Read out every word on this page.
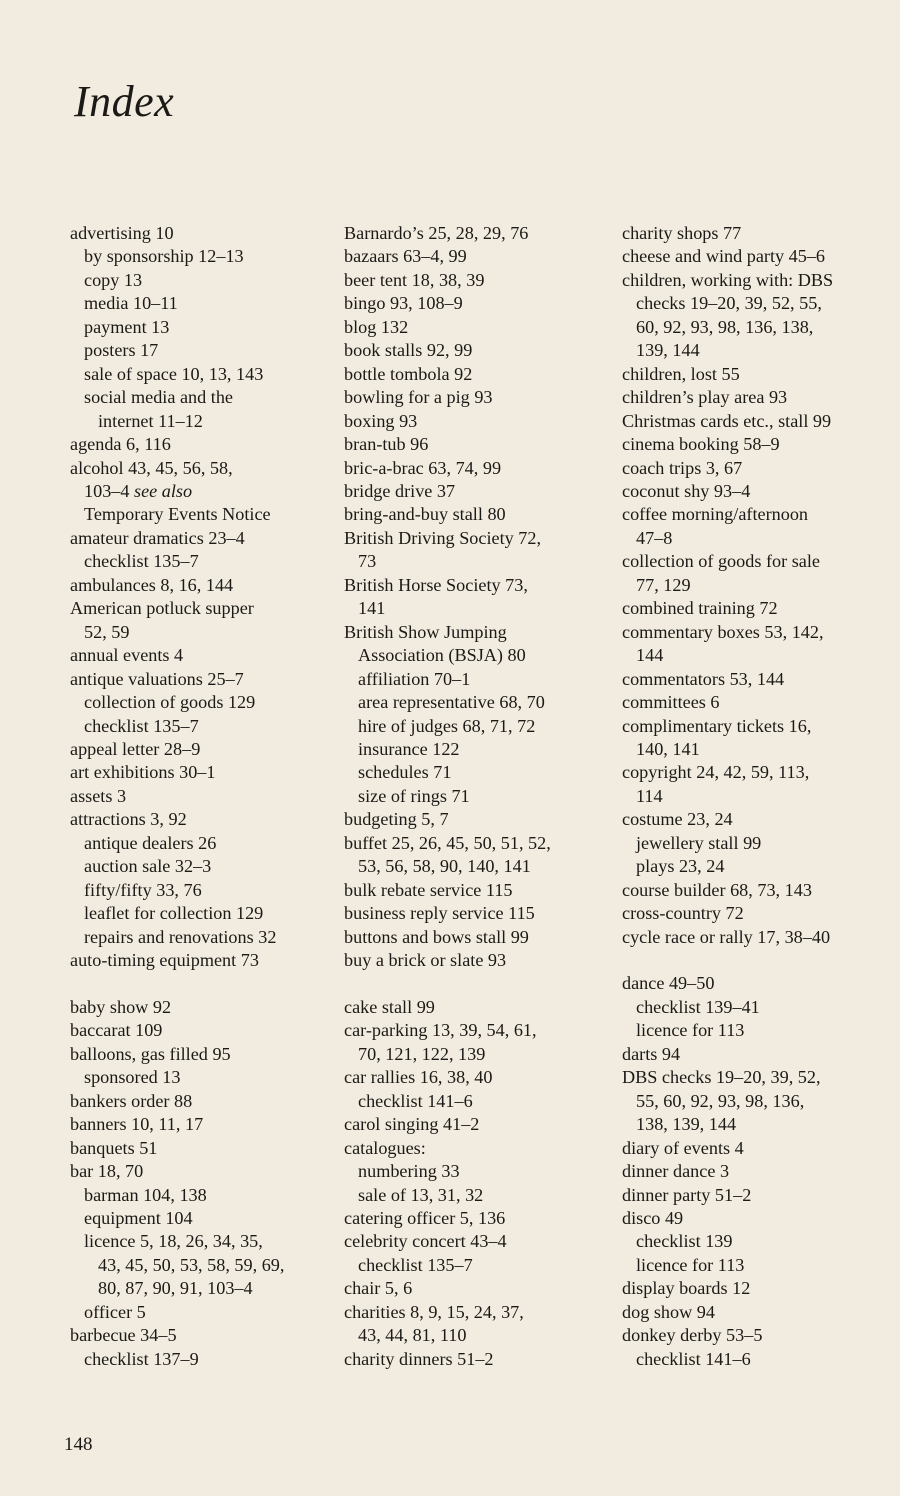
Index
advertising 10
by sponsorship 12–13
copy 13
media 10–11
payment 13
posters 17
sale of space 10, 13, 143
social media and the
internet 11–12
agenda 6, 116
alcohol 43, 45, 56, 58,
103–4 see also
Temporary Events Notice
amateur dramatics 23–4
checklist 135–7
ambulances 8, 16, 144
American potluck supper
52, 59
annual events 4
antique valuations 25–7
collection of goods 129
checklist 135–7
appeal letter 28–9
art exhibitions 30–1
assets 3
attractions 3, 92
antique dealers 26
auction sale 32–3
fifty/fifty 33, 76
leaflet for collection 129
repairs and renovations 32
auto-timing equipment 73
baby show 92
baccarat 109
balloons, gas filled 95
sponsored 13
bankers order 88
banners 10, 11, 17
banquets 51
bar 18, 70
barman 104, 138
equipment 104
licence 5, 18, 26, 34, 35,
43, 45, 50, 53, 58, 59, 69,
80, 87, 90, 91, 103–4
officer 5
barbecue 34–5
checklist 137–9
Barnardo’s 25, 28, 29, 76
bazaars 63–4, 99
beer tent 18, 38, 39
bingo 93, 108–9
blog 132
book stalls 92, 99
bottle tombola 92
bowling for a pig 93
boxing 93
bran-tub 96
bric-a-brac 63, 74, 99
bridge drive 37
bring-and-buy stall 80
British Driving Society 72,
73
British Horse Society 73,
141
British Show Jumping
Association (BSJA) 80
affiliation 70–1
area representative 68, 70
hire of judges 68, 71, 72
insurance 122
schedules 71
size of rings 71
budgeting 5, 7
buffet 25, 26, 45, 50, 51, 52,
53, 56, 58, 90, 140, 141
bulk rebate service 115
business reply service 115
buttons and bows stall 99
buy a brick or slate 93
cake stall 99
car-parking 13, 39, 54, 61,
70, 121, 122, 139
car rallies 16, 38, 40
checklist 141–6
carol singing 41–2
catalogues:
numbering 33
sale of 13, 31, 32
catering officer 5, 136
celebrity concert 43–4
checklist 135–7
chair 5, 6
charities 8, 9, 15, 24, 37,
43, 44, 81, 110
charity dinners 51–2
charity shops 77
cheese and wind party 45–6
children, working with: DBS
checks 19–20, 39, 52, 55,
60, 92, 93, 98, 136, 138,
139, 144
children, lost 55
children’s play area 93
Christmas cards etc., stall 99
cinema booking 58–9
coach trips 3, 67
coconut shy 93–4
coffee morning/afternoon
47–8
collection of goods for sale
77, 129
combined training 72
commentary boxes 53, 142,
144
commentators 53, 144
committees 6
complimentary tickets 16,
140, 141
copyright 24, 42, 59, 113,
114
costume 23, 24
jewellery stall 99
plays 23, 24
course builder 68, 73, 143
cross-country 72
cycle race or rally 17, 38–40
dance 49–50
checklist 139–41
licence for 113
darts 94
DBS checks 19–20, 39, 52,
55, 60, 92, 93, 98, 136,
138, 139, 144
diary of events 4
dinner dance 3
dinner party 51–2
disco 49
checklist 139
licence for 113
display boards 12
dog show 94
donkey derby 53–5
checklist 141–6
148
